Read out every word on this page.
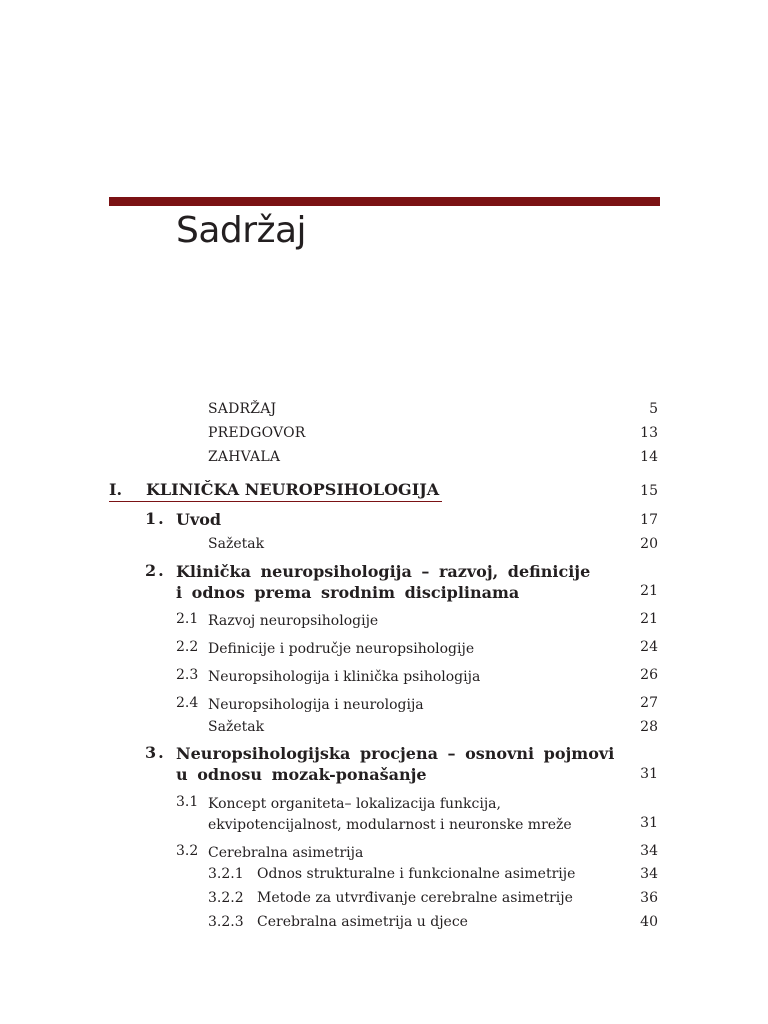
Sadržaj
SADRŽAJ	5
PREDGOVOR	13
ZAHVALA	14
I. KLINIČKA NEUROPSIHOLOGIJA	15
1. Uvod	17
Sažetak	20
2. Klinička neuropsihologija – razvoj, definicije
i odnos prema srodnim disciplinama	21
2.1 Razvoj neuropsihologije	21
2.2 Definicije i područje neuropsihologije	24
2.3 Neuropsihologija i klinička psihologija	26
2.4 Neuropsihologija i neurologija	27
Sažetak	28
3. Neuropsihologijska procjena – osnovni pojmovi
u odnosu mozak-ponašanje	31
3.1 Koncept organiteta– lokalizacija funkcija,
ekvipotencijalnost, modularnost i neuronske mreže	31
3.2 Cerebralna asimetrija	34
3.2.1 Odnos strukturalne i funkcionalne asimetrije	34
3.2.2 Metode za utvrđivanje cerebralne asimetrije	36
3.2.3 Cerebralna asimetrija u djece	40
